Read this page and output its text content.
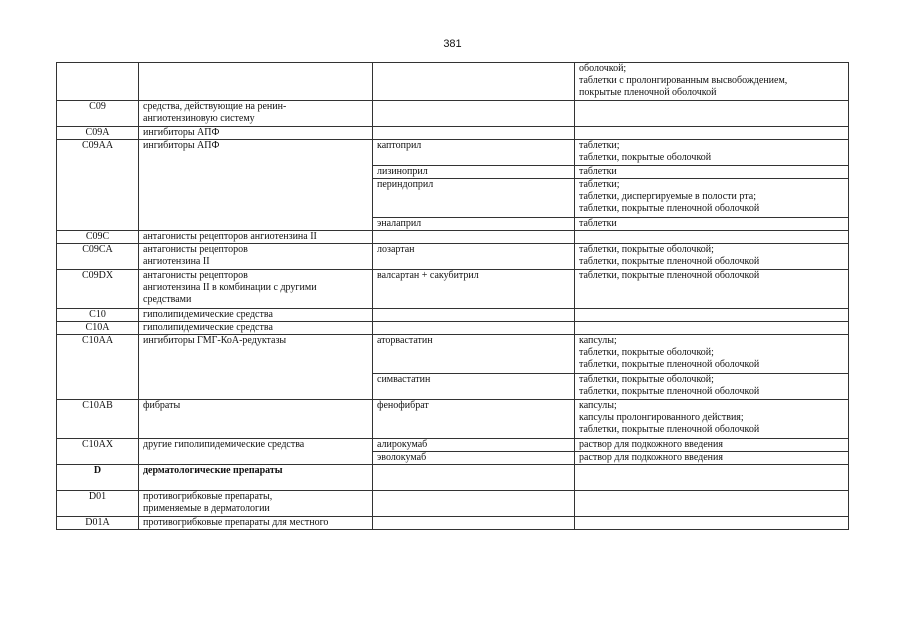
381
			оболочкой;
таблетки с пролонгированным высвобождением,
покрытые пленочной оболочкой
C09	средства, действующие на ренин-
ангиотензиновую систему		
C09A	ингибиторы АПФ		
C09AA	ингибиторы АПФ	каптоприл	таблетки;
таблетки, покрытые оболочкой
		лизиноприл	таблетки
		периндоприл	таблетки;
таблетки, диспергируемые в полости рта;
таблетки, покрытые пленочной оболочкой
		эналаприл	таблетки
C09C	антагонисты рецепторов ангиотензина II		
C09CA	антагонисты рецепторов
ангиотензина II	лозартан	таблетки, покрытые оболочкой;
таблетки, покрытые пленочной оболочкой
C09DX	антагонисты рецепторов
ангиотензина II в комбинации с другими
средствами	валсартан + сакубитрил	таблетки, покрытые пленочной оболочкой
C10	гиполипидемические средства		
C10A	гиполипидемические средства		
C10AA	ингибиторы ГМГ-КоА-редуктазы	аторвастатин	капсулы;
таблетки, покрытые оболочкой;
таблетки, покрытые пленочной оболочкой
		симвастатин	таблетки, покрытые оболочкой;
таблетки, покрытые пленочной оболочкой
C10AB	фибраты	фенофибрат	капсулы;
капсулы пролонгированного действия;
таблетки, покрытые пленочной оболочкой
C10AX	другие гиполипидемические средства	алирокумаб	раствор для подкожного введения
		эволокумаб	раствор для подкожного введения
D	дерматологические препараты		
D01	противогрибковые препараты,
применяемые в дерматологии		
D01A	противогрибковые препараты для местного		
